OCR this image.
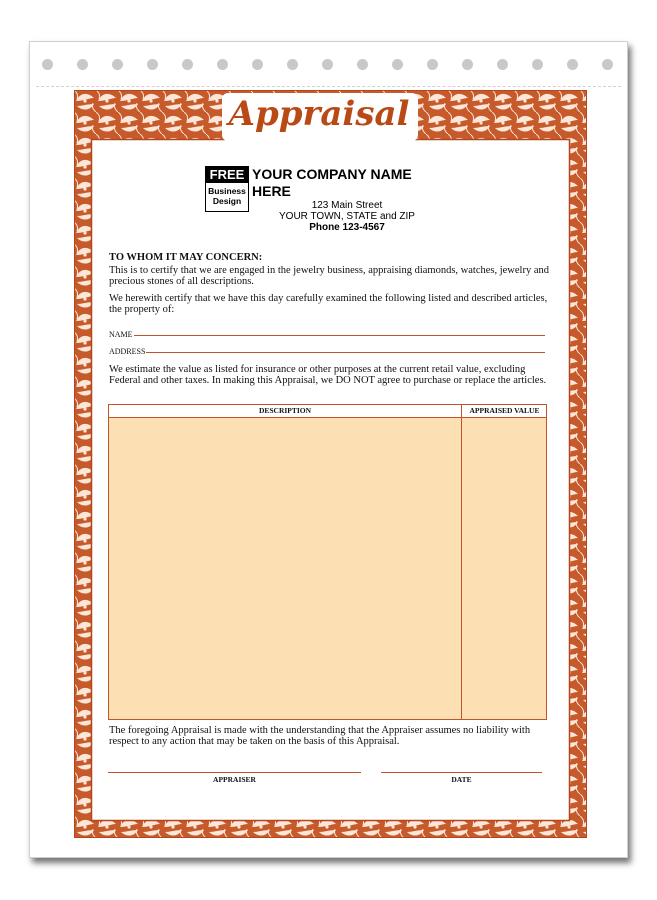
Appraisal
FREE
Business
Design
YOUR COMPANY NAME HERE
123 Main Street
YOUR TOWN, STATE and ZIP
Phone 123-4567
TO WHOM IT MAY CONCERN:
This is to certify that we are engaged in the jewelry business, appraising diamonds, watches, jewelry and precious stones of all descriptions.
We herewith certify that we have this day carefully examined the following listed and described articles, the property of:
NAME
ADDRESS
We estimate the value as listed for insurance or other purposes at the current retail value, excluding Federal and other taxes. In making this Appraisal, we DO NOT agree to purchase or replace the articles.
DESCRIPTION	APPRAISED VALUE
The foregoing Appraisal is made with the understanding that the Appraiser assumes no liability with respect to any action that may be taken on the basis of this Appraisal.
APPRAISER	DATE
